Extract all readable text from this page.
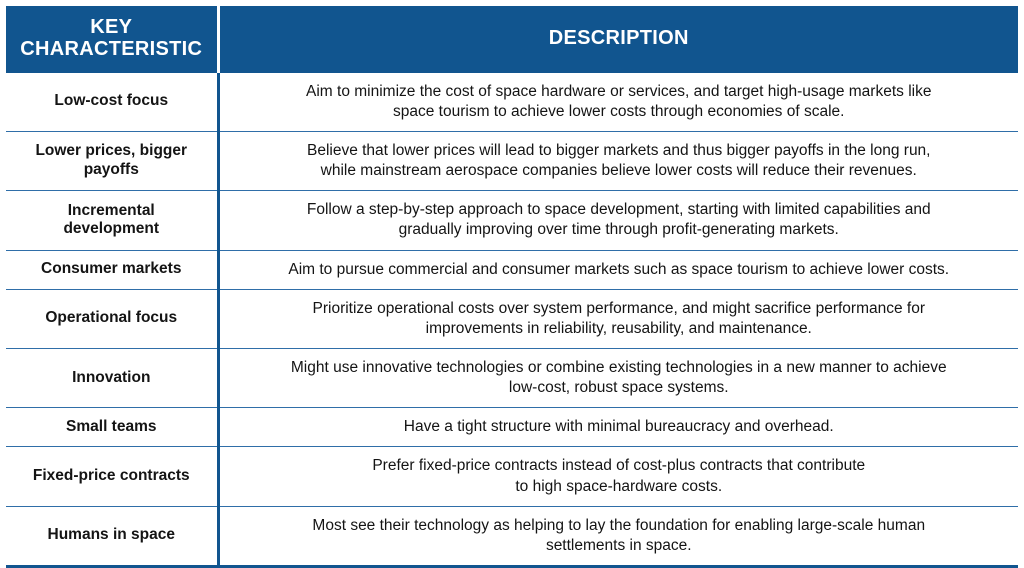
KEY
CHARACTERISTIC	DESCRIPTION

Low-cost focus	Aim to minimize the cost of space hardware or services, and target high-usage markets like
space tourism to achieve lower costs through economies of scale.

Lower prices, bigger
payoffs	Believe that lower prices will lead to bigger markets and thus bigger payoffs in the long run,
while mainstream aerospace companies believe lower costs will reduce their revenues.

Incremental
development	Follow a step-by-step approach to space development, starting with limited capabilities and
gradually improving over time through profit-generating markets.

Consumer markets	Aim to pursue commercial and consumer markets such as space tourism to achieve lower costs.

Operational focus	Prioritize operational costs over system performance, and might sacrifice performance for
improvements in reliability, reusability, and maintenance.

Innovation	Might use innovative technologies or combine existing technologies in a new manner to achieve
low-cost, robust space systems.

Small teams	Have a tight structure with minimal bureaucracy and overhead.

Fixed-price contracts	Prefer fixed-price contracts instead of cost-plus contracts that contribute
to high space-hardware costs.

Humans in space	Most see their technology as helping to lay the foundation for enabling large-scale human
settlements in space.
